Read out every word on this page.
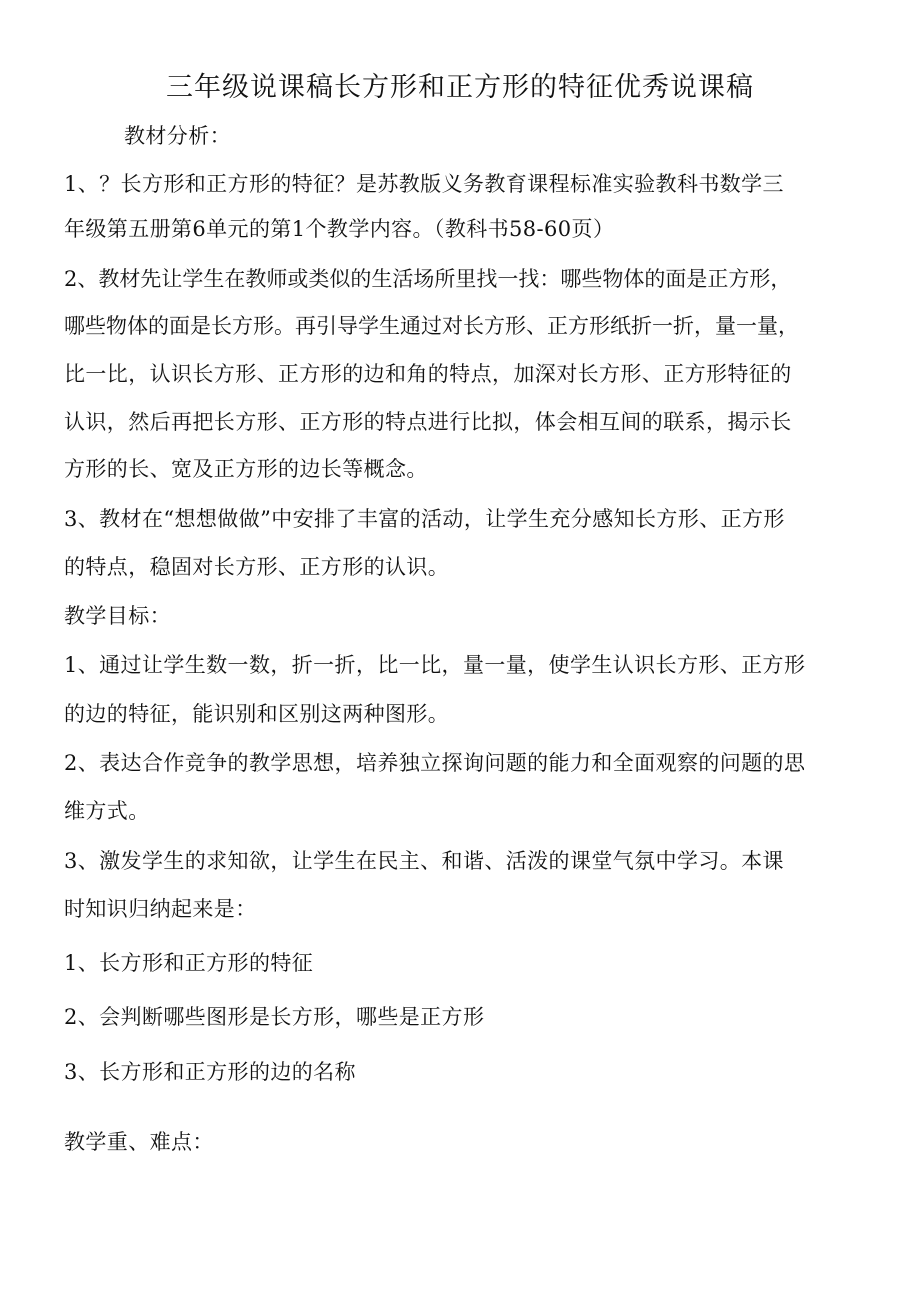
三年级说课稿长方形和正方形的特征优秀说课稿
教材分析：
1、？长方形和正方形的特征？是苏教版义务教育课程标准实验教科书数学三
年级第五册第6单元的第1个教学内容。（教科书58-60页）
2、教材先让学生在教师或类似的生活场所里找一找：哪些物体的面是正方形，
哪些物体的面是长方形。再引导学生通过对长方形、正方形纸折一折，量一量，
比一比，认识长方形、正方形的边和角的特点，加深对长方形、正方形特征的
认识，然后再把长方形、正方形的特点进行比拟，体会相互间的联系，揭示长
方形的长、宽及正方形的边长等概念。
3、教材在“想想做做”中安排了丰富的活动，让学生充分感知长方形、正方形
的特点，稳固对长方形、正方形的认识。
教学目标：
1、通过让学生数一数，折一折，比一比，量一量，使学生认识长方形、正方形
的边的特征，能识别和区别这两种图形。
2、表达合作竞争的教学思想，培养独立探询问题的能力和全面观察的问题的思
维方式。
3、激发学生的求知欲，让学生在民主、和谐、活泼的课堂气氛中学习。本课
时知识归纳起来是：
1、长方形和正方形的特征
2、会判断哪些图形是长方形，哪些是正方形
3、长方形和正方形的边的名称
教学重、难点：
